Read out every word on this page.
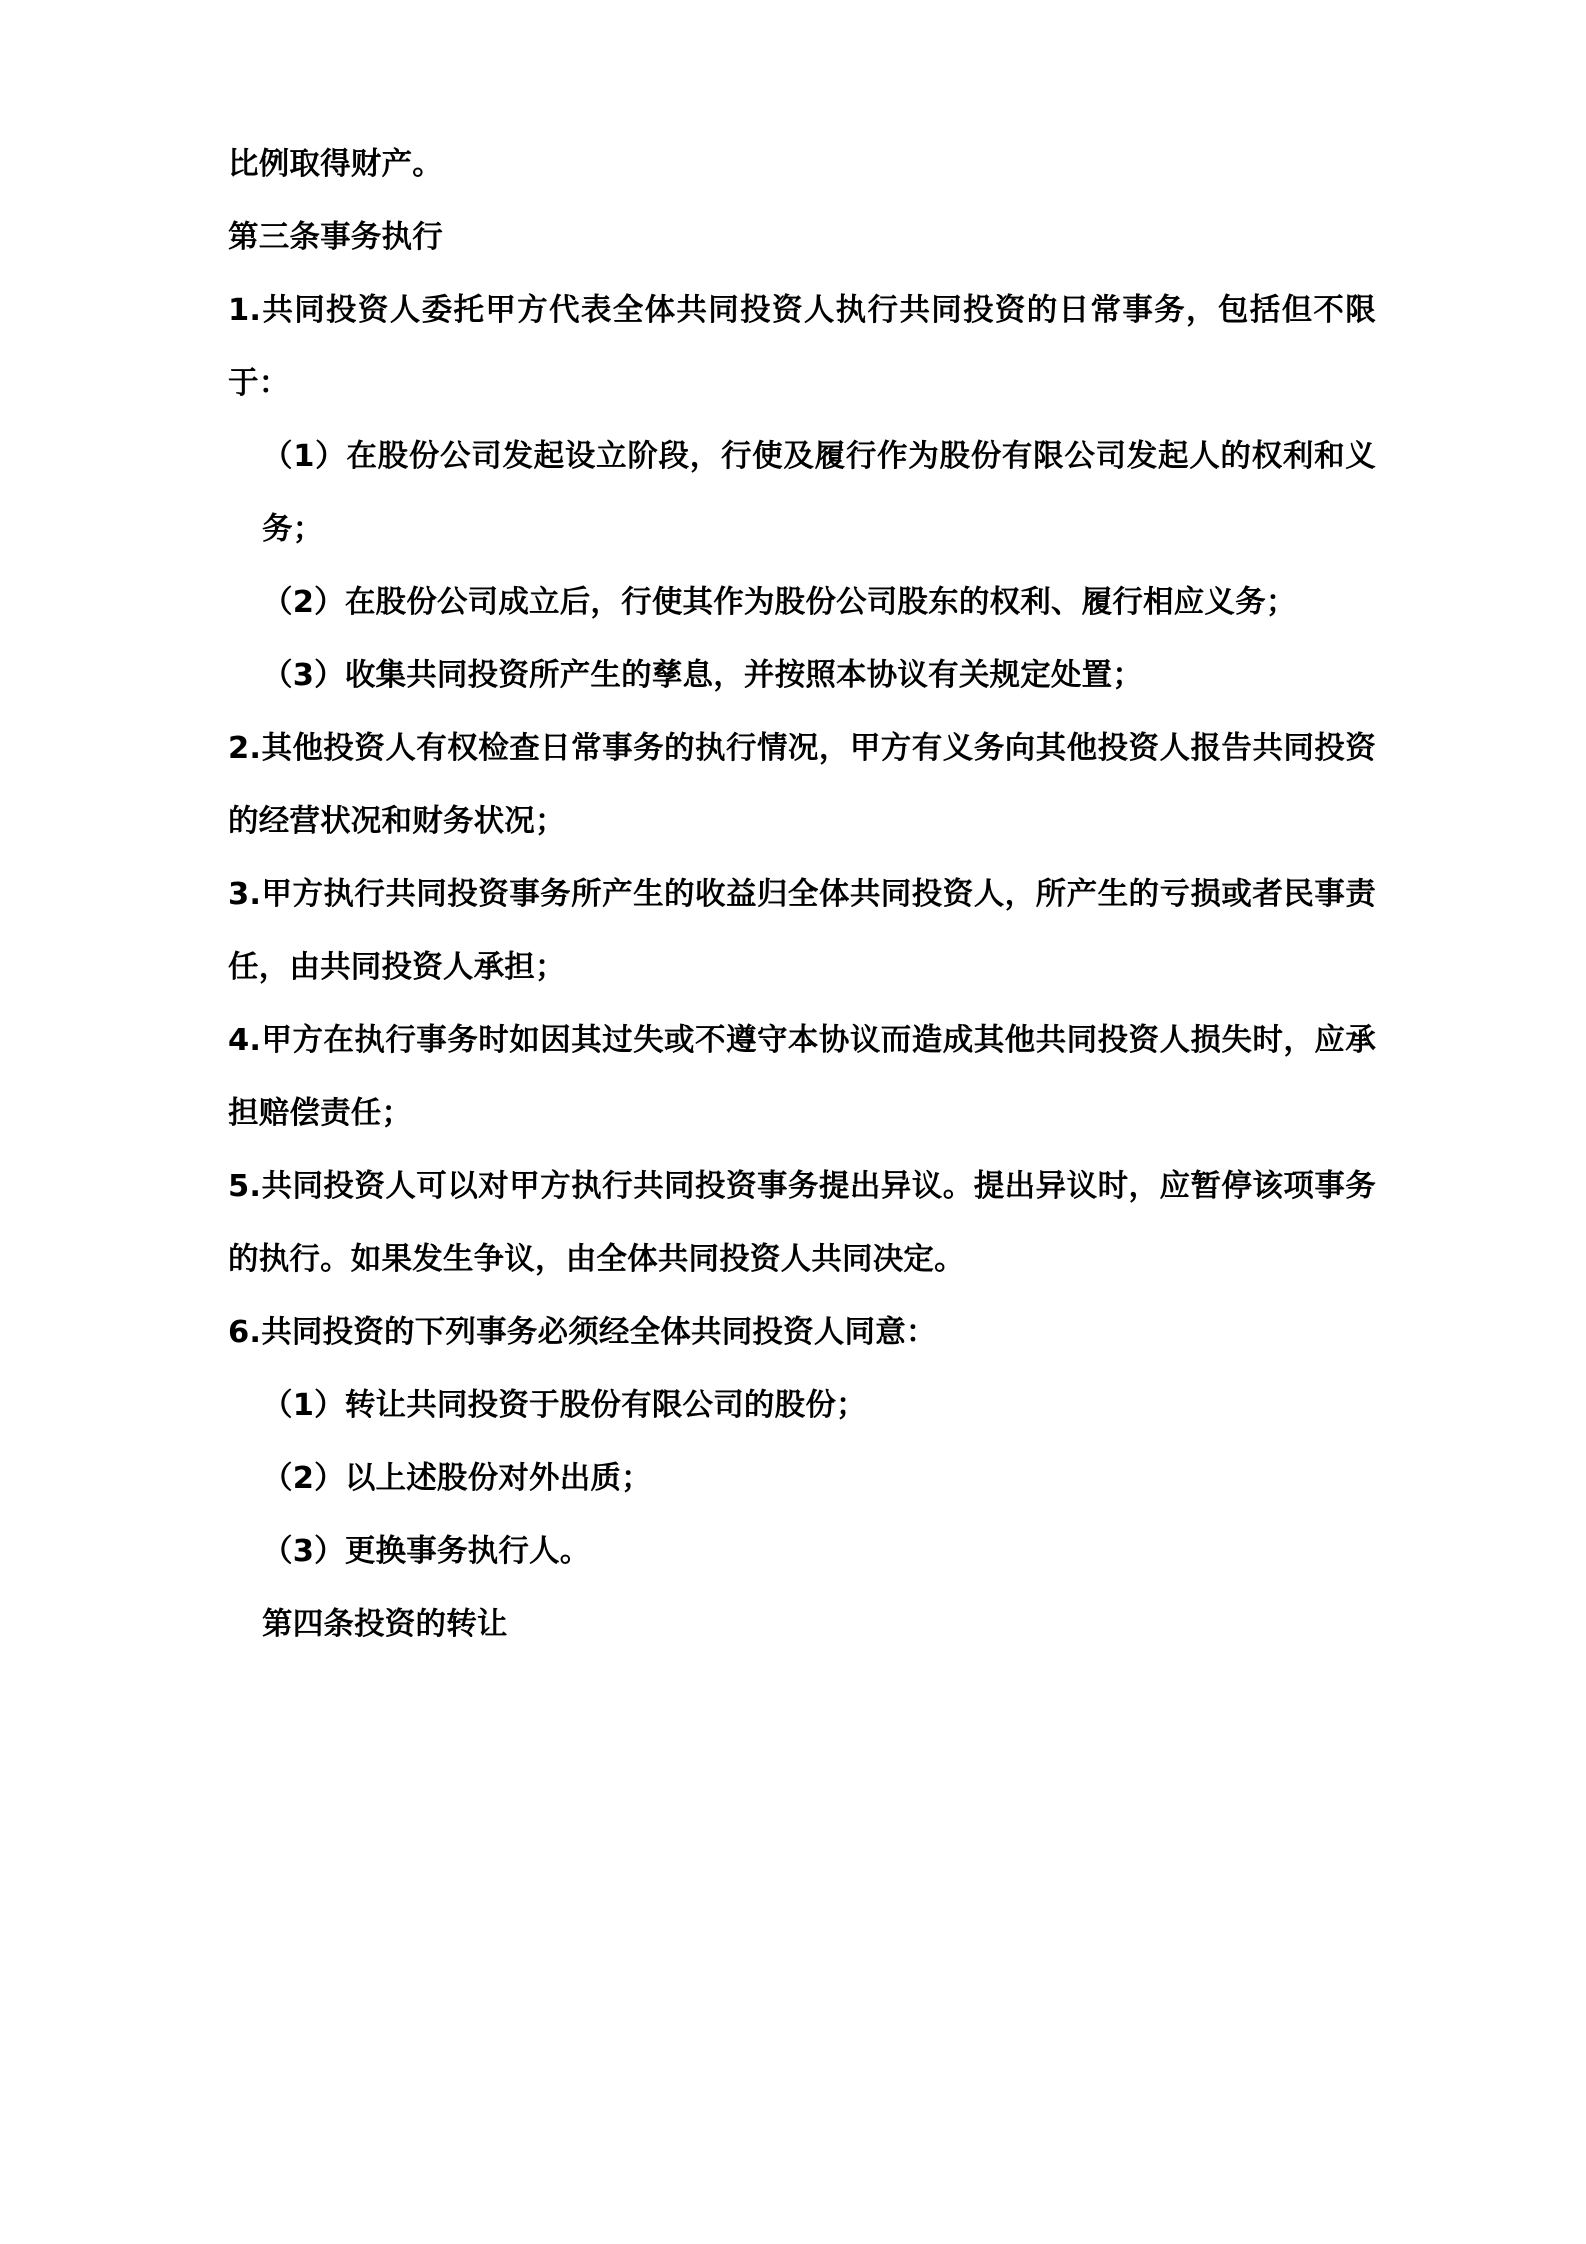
比例取得财产。

第三条事务执行

1.共同投资人委托甲方代表全体共同投资人执行共同投资的日常事务，包括但不限于：

（1）在股份公司发起设立阶段，行使及履行作为股份有限公司发起人的权利和义务；

（2）在股份公司成立后，行使其作为股份公司股东的权利、履行相应义务；

（3）收集共同投资所产生的孳息，并按照本协议有关规定处置；

2.其他投资人有权检查日常事务的执行情况，甲方有义务向其他投资人报告共同投资的经营状况和财务状况；

3.甲方执行共同投资事务所产生的收益归全体共同投资人，所产生的亏损或者民事责任，由共同投资人承担；

4.甲方在执行事务时如因其过失或不遵守本协议而造成其他共同投资人损失时，应承担赔偿责任；

5.共同投资人可以对甲方执行共同投资事务提出异议。提出异议时，应暂停该项事务的执行。如果发生争议，由全体共同投资人共同决定。

6.共同投资的下列事务必须经全体共同投资人同意：

（1）转让共同投资于股份有限公司的股份；

（2）以上述股份对外出质；

（3）更换事务执行人。

第四条投资的转让
